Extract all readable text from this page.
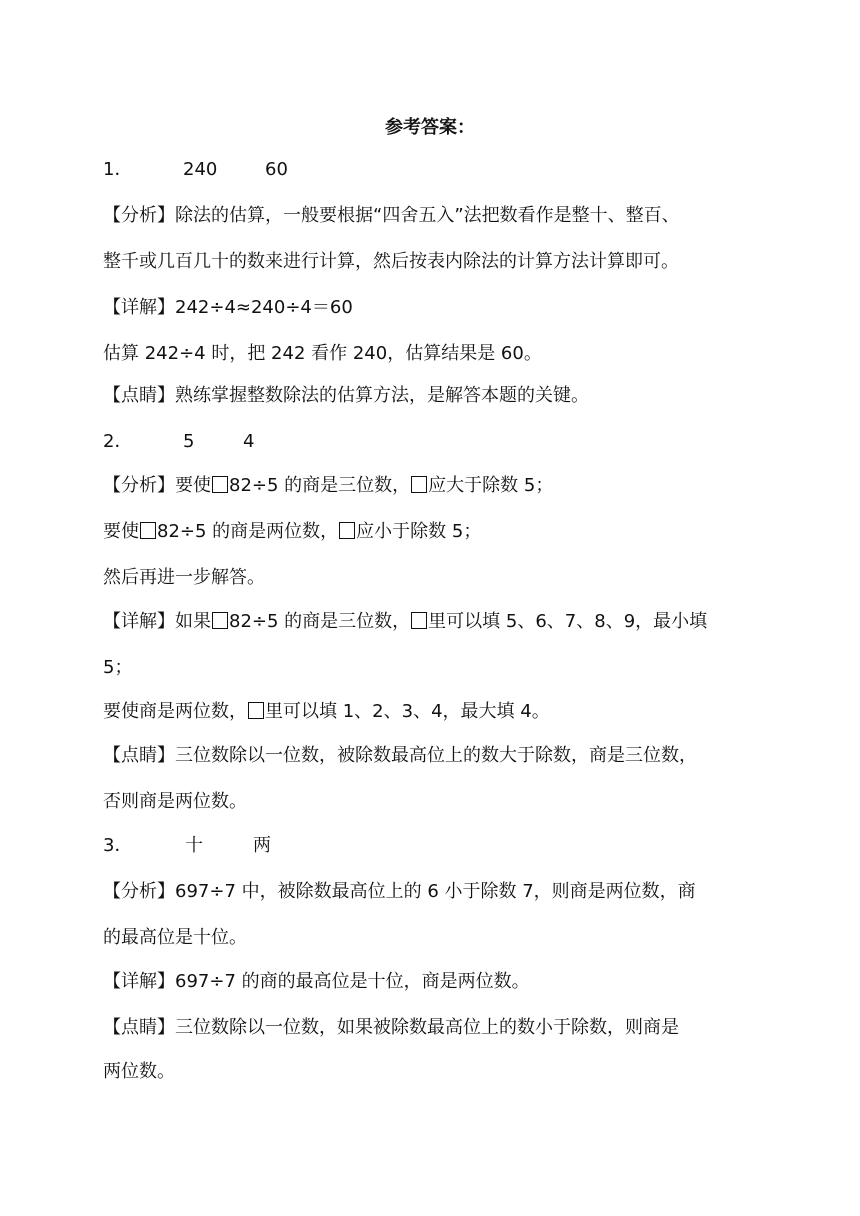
参考答案：
1．	240	60
【分析】除法的估算，一般要根据“四舍五入”法把数看作是整十、整百、
整千或几百几十的数来进行计算，然后按表内除法的计算方法计算即可。
【详解】242÷4≈240÷4＝60
估算 242÷4 时，把 242 看作 240，估算结果是 60。
【点睛】熟练掌握整数除法的估算方法，是解答本题的关键。
2．	5	4
【分析】要使 82÷5 的商是三位数， 应大于除数 5；
要使 82÷5 的商是两位数， 应小于除数 5；
然后再进一步解答。
【详解】如果 82÷5 的商是三位数， 里可以填 5、6、7、8、9，最小填
5；
要使商是两位数， 里可以填 1、2、3、4，最大填 4。
【点睛】三位数除以一位数，被除数最高位上的数大于除数，商是三位数，
否则商是两位数。
3．	十	两
【分析】697÷7 中，被除数最高位上的 6 小于除数 7，则商是两位数，商
的最高位是十位。
【详解】697÷7 的商的最高位是十位，商是两位数。
【点睛】三位数除以一位数，如果被除数最高位上的数小于除数，则商是
两位数。
